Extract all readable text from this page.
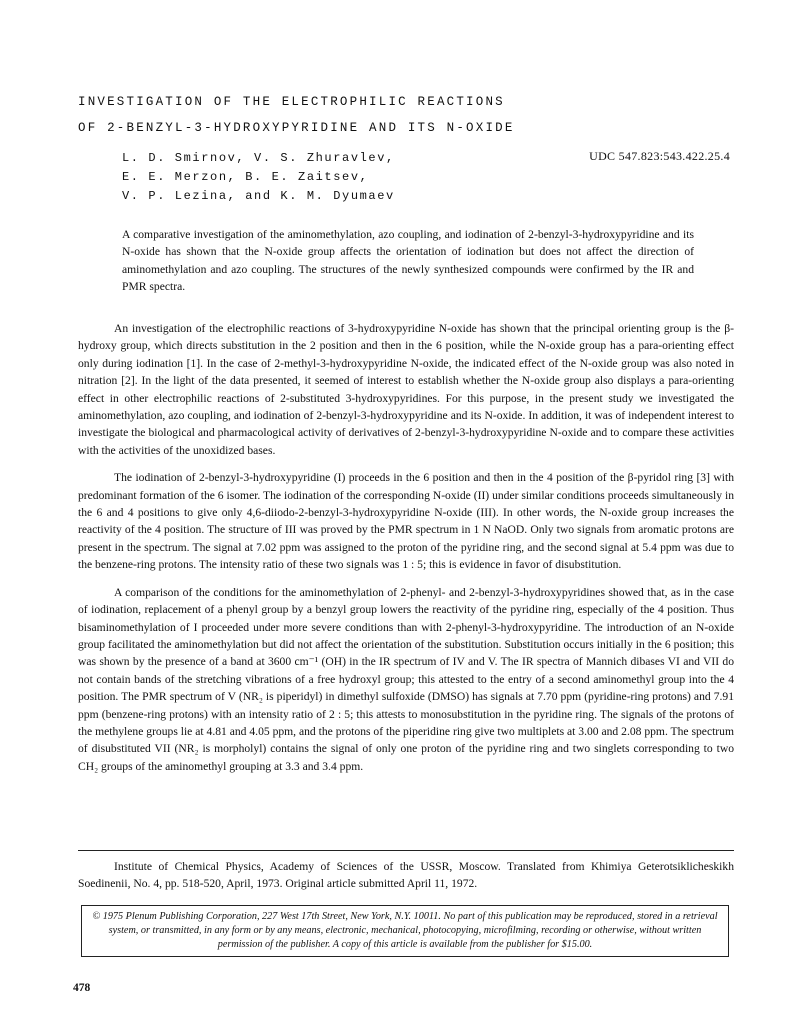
INVESTIGATION OF THE ELECTROPHILIC REACTIONS
OF 2-BENZYL-3-HYDROXYPYRIDINE AND ITS N-OXIDE
L. D. Smirnov, V. S. Zhuravlev,
E. E. Merzon, B. E. Zaitsev,
V. P. Lezina, and K. M. Dyumaev
UDC 547.823:543.422.25.4

A comparative investigation of the aminomethylation, azo coupling, and iodination of 2-benzyl-3-hydroxypyridine and its N-oxide has shown that the N-oxide group affects the orientation of iodination but does not affect the direction of aminomethylation and azo coupling. The structures of the newly synthesized compounds were confirmed by the IR and PMR spectra.

An investigation of the electrophilic reactions of 3-hydroxypyridine N-oxide has shown that the principal orienting group is the β-hydroxy group, which directs substitution in the 2 position and then in the 6 position, while the N-oxide group has a para-orienting effect only during iodination [1]. In the case of 2-methyl-3-hydroxypyridine N-oxide, the indicated effect of the N-oxide group was also noted in nitration [2]. In the light of the data presented, it seemed of interest to establish whether the N-oxide group also displays a para-orienting effect in other electrophilic reactions of 2-substituted 3-hydroxypyridines. For this purpose, in the present study we investigated the aminomethylation, azo coupling, and iodination of 2-benzyl-3-hydroxypyridine and its N-oxide. In addition, it was of independent interest to investigate the biological and pharmacological activity of derivatives of 2-benzyl-3-hydroxypyridine N-oxide and to compare these activities with the activities of the unoxidized bases.

The iodination of 2-benzyl-3-hydroxypyridine (I) proceeds in the 6 position and then in the 4 position of the β-pyridol ring [3] with predominant formation of the 6 isomer. The iodination of the corresponding N-oxide (II) under similar conditions proceeds simultaneously in the 6 and 4 positions to give only 4,6-diiodo-2-benzyl-3-hydroxypyridine N-oxide (III). In other words, the N-oxide group increases the reactivity of the 4 position. The structure of III was proved by the PMR spectrum in 1 N NaOD. Only two signals from aromatic protons are present in the spectrum. The signal at 7.02 ppm was assigned to the proton of the pyridine ring, and the second signal at 5.4 ppm was due to the benzene-ring protons. The intensity ratio of these two signals was 1 : 5; this is evidence in favor of disubstitution.

A comparison of the conditions for the aminomethylation of 2-phenyl- and 2-benzyl-3-hydroxypyridines showed that, as in the case of iodination, replacement of a phenyl group by a benzyl group lowers the reactivity of the pyridine ring, especially of the 4 position. Thus bisaminomethylation of I proceeded under more severe conditions than with 2-phenyl-3-hydroxypyridine. The introduction of an N-oxide group facilitated the aminomethylation but did not affect the orientation of the substitution. Substitution occurs initially in the 6 position; this was shown by the presence of a band at 3600 cm⁻¹ (OH) in the IR spectrum of IV and V. The IR spectra of Mannich dibases VI and VII do not contain bands of the stretching vibrations of a free hydroxyl group; this attested to the entry of a second aminomethyl group into the 4 position. The PMR spectrum of V (NR₂ is piperidyl) in dimethyl sulfoxide (DMSO) has signals at 7.70 ppm (pyridine-ring protons) and 7.91 ppm (benzene-ring protons) with an intensity ratio of 2 : 5; this attests to monosubstitution in the pyridine ring. The signals of the protons of the methylene groups lie at 4.81 and 4.05 ppm, and the protons of the piperidine ring give two multiplets at 3.00 and 2.08 ppm. The spectrum of disubstituted VII (NR₂ is morpholyl) contains the signal of only one proton of the pyridine ring and two singlets corresponding to two CH₂ groups of the aminomethyl grouping at 3.3 and 3.4 ppm.

Institute of Chemical Physics, Academy of Sciences of the USSR, Moscow. Translated from Khimiya Geterotsiklicheskikh Soedinenii, No. 4, pp. 518-520, April, 1973. Original article submitted April 11, 1972.

© 1975 Plenum Publishing Corporation, 227 West 17th Street, New York, N.Y. 10011. No part of this publication may be reproduced, stored in a retrieval system, or transmitted, in any form or by any means, electronic, mechanical, photocopying, microfilming, recording or otherwise, without written permission of the publisher. A copy of this article is available from the publisher for $15.00.

478
